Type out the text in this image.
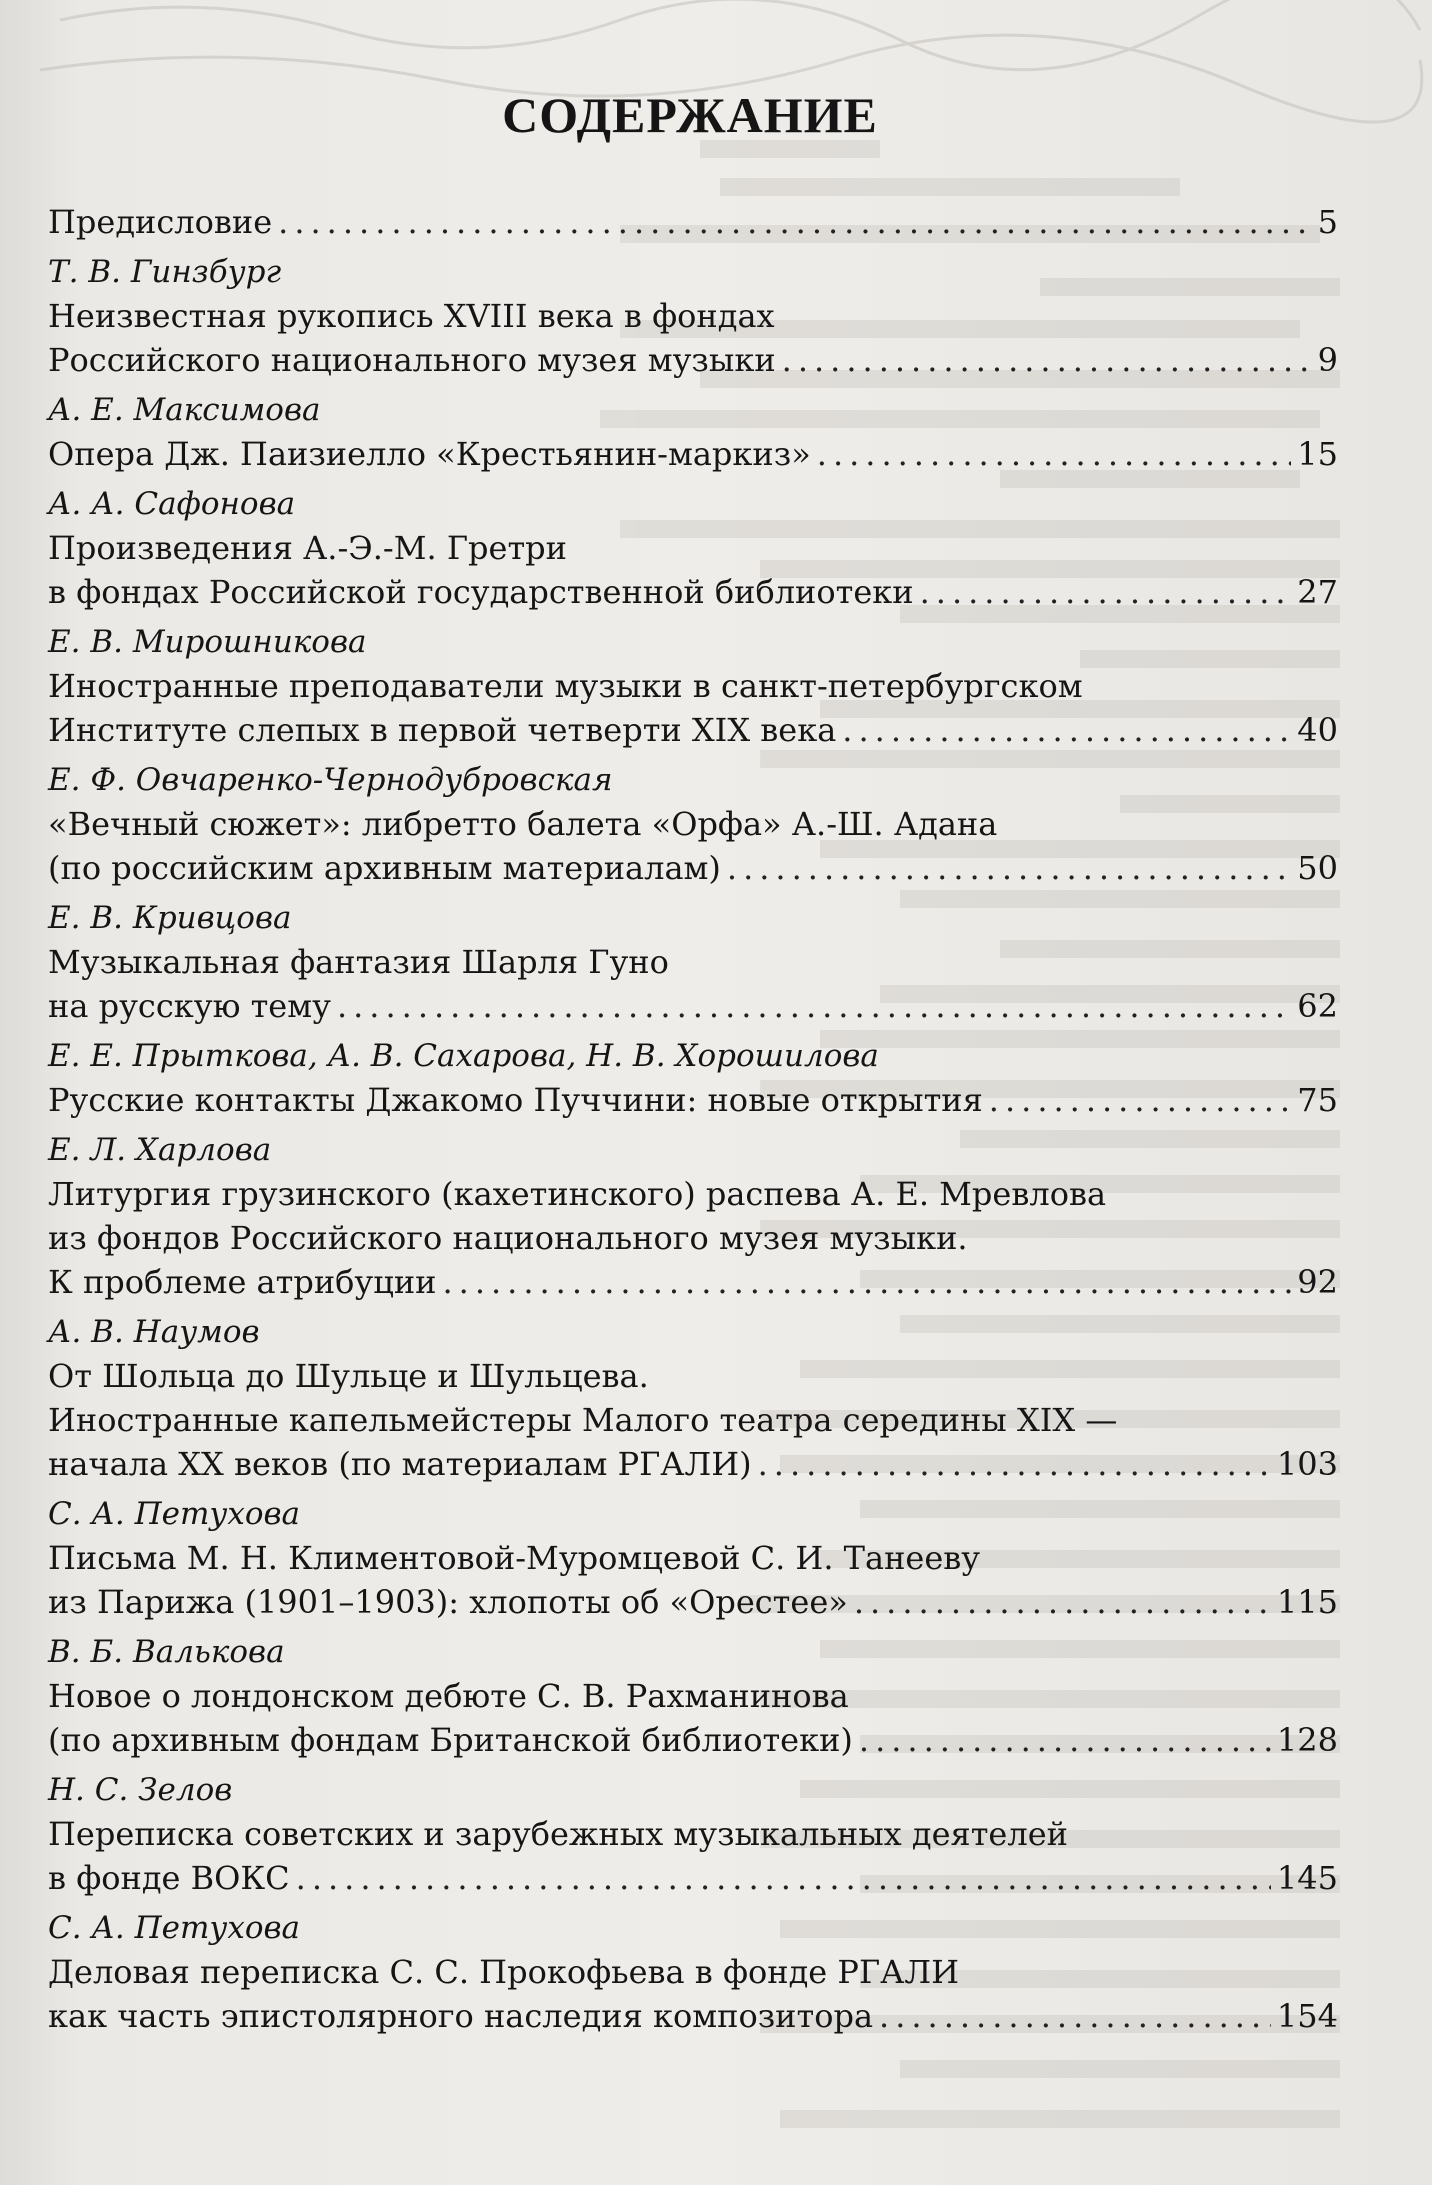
СОДЕРЖАНИЕ
Предисловие .....	5
Т. В. Гинзбург
Неизвестная рукопись XVIII века в фондах
Российского национального музея музыки .....	9
А. Е. Максимова
Опера Дж. Паизиелло «Крестьянин-маркиз» .....	15
А. А. Сафонова
Произведения А.-Э.-М. Гретри
в фондах Российской государственной библиотеки .....	27
Е. В. Мирошникова
Иностранные преподаватели музыки в санкт-петербургском
Институте слепых в первой четверти XIX века .....	40
Е. Ф. Овчаренко-Чернодубровская
«Вечный сюжет»: либретто балета «Орфа» А.-Ш. Адана
(по российским архивным материалам) .....	50
Е. В. Кривцова
Музыкальная фантазия Шарля Гуно
на русскую тему .....	62
Е. Е. Прыткова, А. В. Сахарова, Н. В. Хорошилова
Русские контакты Джакомо Пуччини: новые открытия .....	75
Е. Л. Харлова
Литургия грузинского (кахетинского) распева А. Е. Мревлова
из фондов Российского национального музея музыки.
К проблеме атрибуции .....	92
А. В. Наумов
От Шольца до Шульце и Шульцева.
Иностранные капельмейстеры Малого театра середины XIX —
начала XX веков (по материалам РГАЛИ) .....	103
С. А. Петухова
Письма М. Н. Климентовой-Муромцевой С. И. Танееву
из Парижа (1901–1903): хлопоты об «Орестее» .....	115
В. Б. Валькова
Новое о лондонском дебюте С. В. Рахманинова
(по архивным фондам Британской библиотеки) .....	128
Н. С. Зелов
Переписка советских и зарубежных музыкальных деятелей
в фонде ВОКС .....	145
С. А. Петухова
Деловая переписка С. С. Прокофьева в фонде РГАЛИ
как часть эпистолярного наследия композитора .....	154
